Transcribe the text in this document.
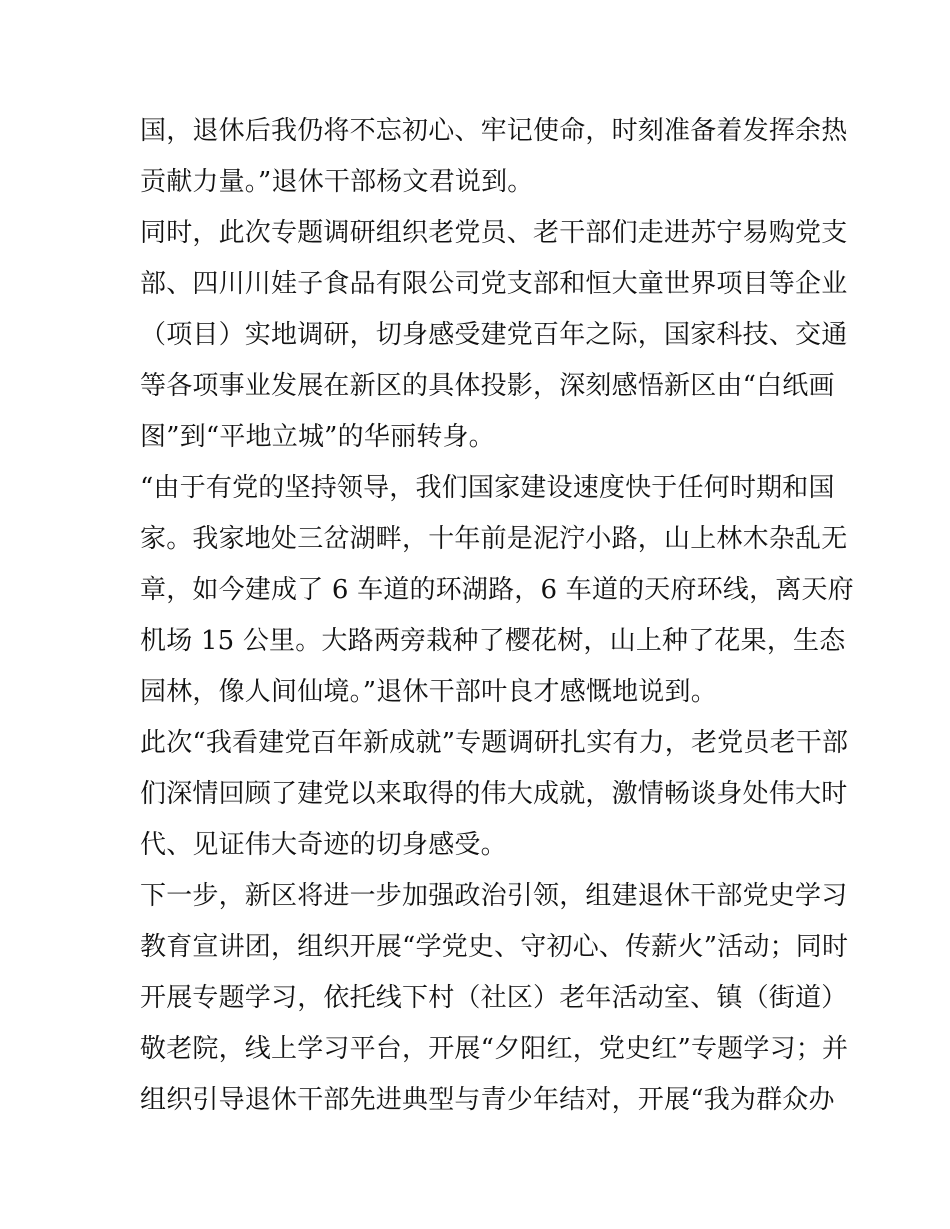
国，退休后我仍将不忘初心、牢记使命，时刻准备着发挥余热
贡献力量。”退休干部杨文君说到。
同时，此次专题调研组织老党员、老干部们走进苏宁易购党支
部、四川川娃子食品有限公司党支部和恒大童世界项目等企业
（项目）实地调研，切身感受建党百年之际，国家科技、交通
等各项事业发展在新区的具体投影，深刻感悟新区由“白纸画
图”到“平地立城”的华丽转身。
“由于有党的坚持领导，我们国家建设速度快于任何时期和国
家。我家地处三岔湖畔，十年前是泥泞小路，山上林木杂乱无
章，如今建成了 6 车道的环湖路，6 车道的天府环线，离天府
机场 15 公里。大路两旁栽种了樱花树，山上种了花果，生态
园林，像人间仙境。”退休干部叶良才感慨地说到。
此次“我看建党百年新成就”专题调研扎实有力，老党员老干部
们深情回顾了建党以来取得的伟大成就，激情畅谈身处伟大时
代、见证伟大奇迹的切身感受。
下一步，新区将进一步加强政治引领，组建退休干部党史学习
教育宣讲团，组织开展“学党史、守初心、传薪火”活动；同时
开展专题学习，依托线下村（社区）老年活动室、镇（街道）
敬老院，线上学习平台，开展“夕阳红，党史红”专题学习；并
组织引导退休干部先进典型与青少年结对，开展“我为群众办
